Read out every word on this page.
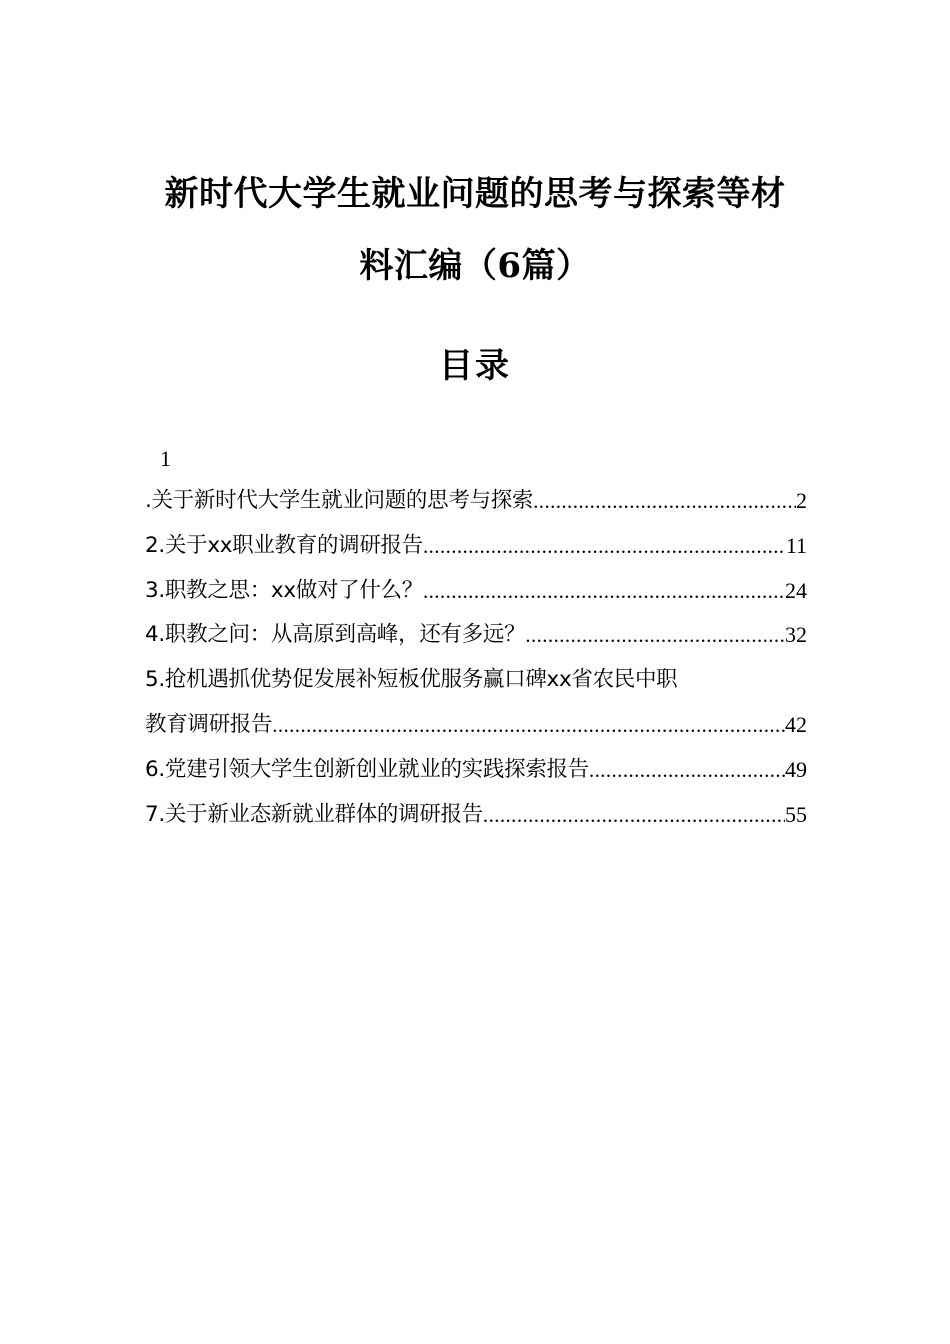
新时代大学生就业问题的思考与探索等材
料汇编（6篇）
目录
1
.关于新时代大学生就业问题的思考与探索 .....	2
2.关于xx职业教育的调研报告 .....	11
3.职教之思：xx做对了什么？ .....	24
4.职教之问：从高原到高峰，还有多远？ .....	32
5.抢机遇抓优势促发展补短板优服务赢口碑xx省农民中职
教育调研报告 .....	42
6.党建引领大学生创新创业就业的实践探索报告 .....	49
7.关于新业态新就业群体的调研报告 .....	55
